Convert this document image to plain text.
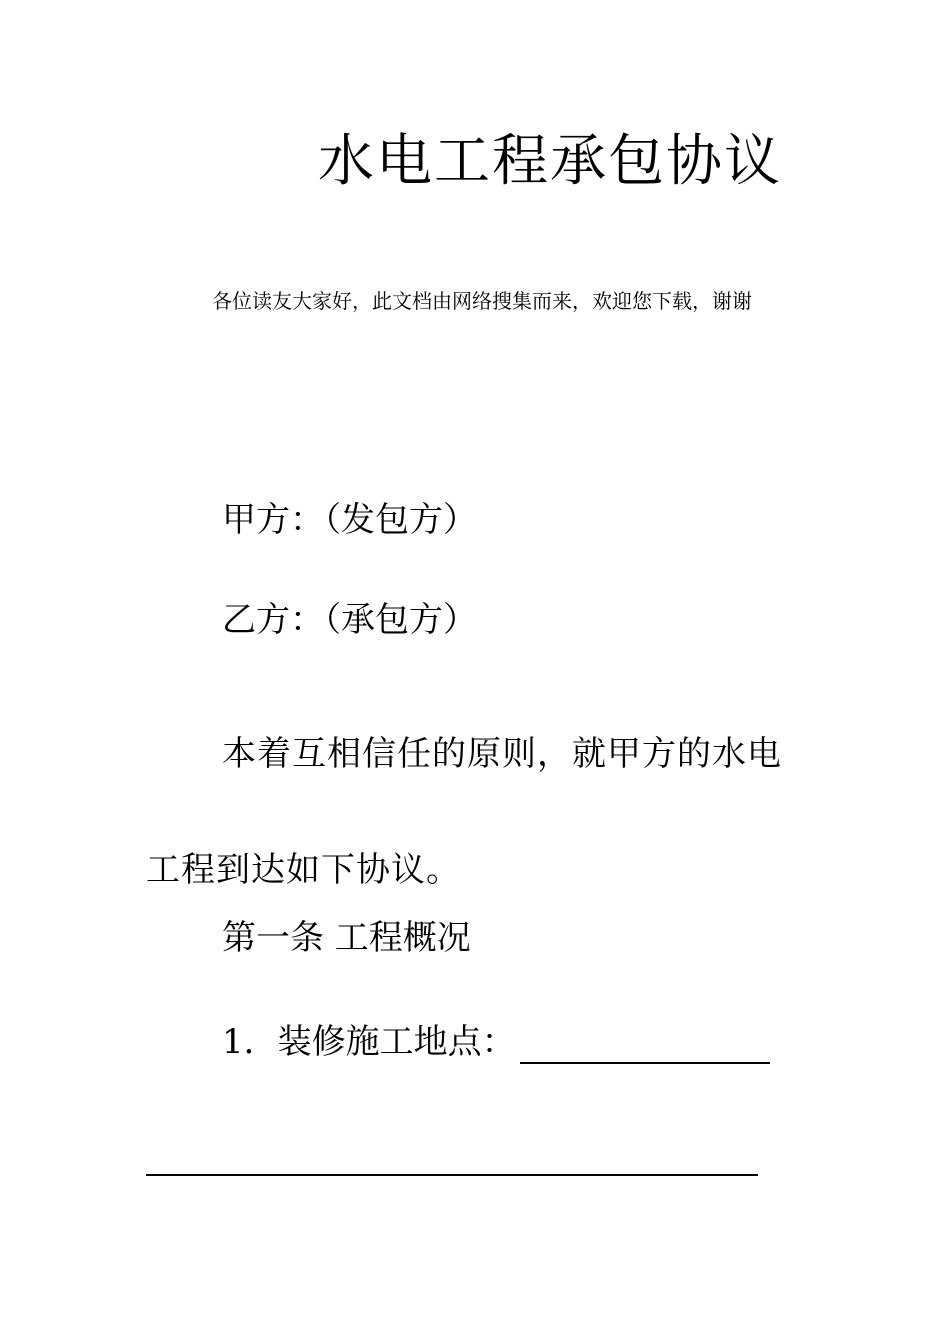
水电工程承包协议
各位读友大家好，此文档由网络搜集而来，欢迎您下载，谢谢
甲方：（发包方）
乙方：（承包方）
本着互相信任的原则，就甲方的水电工程到达如下协议。
第一条 工程概况
1．装修施工地点：
